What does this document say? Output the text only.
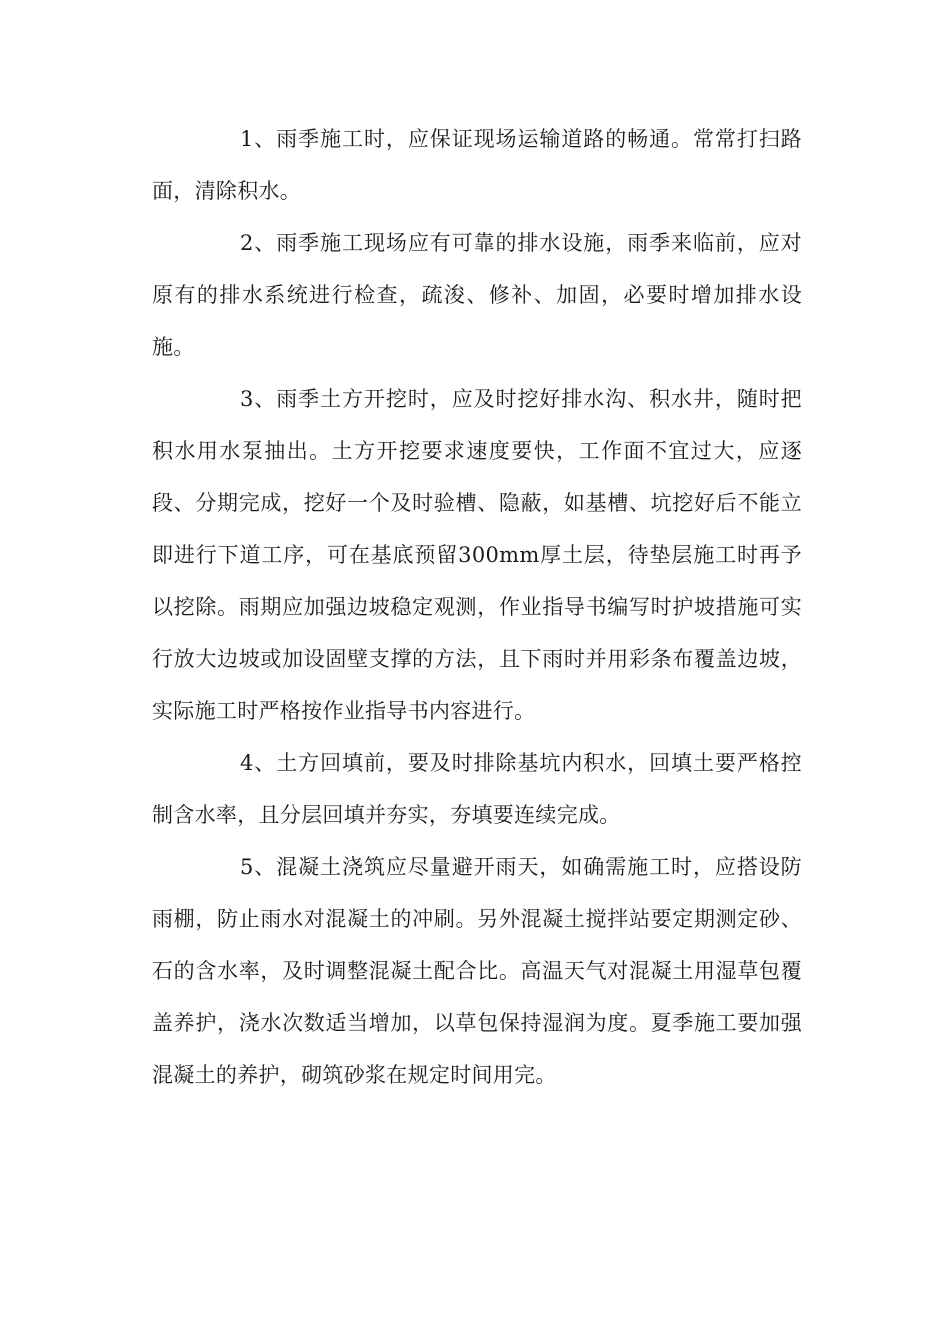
1、雨季施工时，应保证现场运输道路的畅通。常常打扫路面，清除积水。

2、雨季施工现场应有可靠的排水设施，雨季来临前，应对原有的排水系统进行检查，疏浚、修补、加固，必要时增加排水设施。

3、雨季土方开挖时，应及时挖好排水沟、积水井，随时把积水用水泵抽出。土方开挖要求速度要快，工作面不宜过大，应逐段、分期完成，挖好一个及时验槽、隐蔽，如基槽、坑挖好后不能立即进行下道工序，可在基底预留300mm厚土层，待垫层施工时再予以挖除。雨期应加强边坡稳定观测，作业指导书编写时护坡措施可实行放大边坡或加设固壁支撑的方法，且下雨时并用彩条布覆盖边坡，实际施工时严格按作业指导书内容进行。

4、土方回填前，要及时排除基坑内积水，回填土要严格控制含水率，且分层回填并夯实，夯填要连续完成。

5、混凝土浇筑应尽量避开雨天，如确需施工时，应搭设防雨棚，防止雨水对混凝土的冲刷。另外混凝土搅拌站要定期测定砂、石的含水率，及时调整混凝土配合比。高温天气对混凝土用湿草包覆盖养护，浇水次数适当增加，以草包保持湿润为度。夏季施工要加强混凝土的养护，砌筑砂浆在规定时间用完。
